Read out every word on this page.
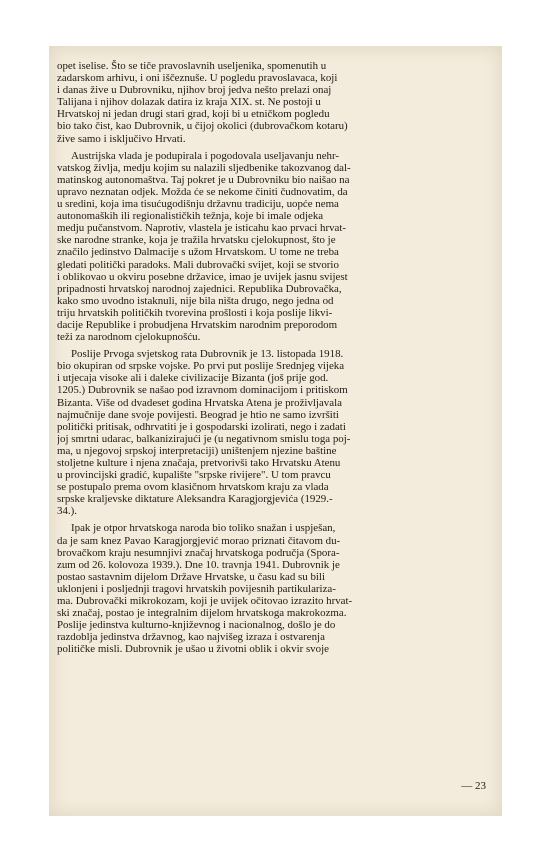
opet iselise. Što se tiče pravoslavnih useljenika, spomenutih u
zadarskom arhivu, i oni iščeznuše. U pogledu pravoslavaca, koji
i danas žive u Dubrovniku, njihov broj jedva nešto prelazi onaj
Talijana i njihov dolazak datira iz kraja XIX. st. Ne postoji u
Hrvatskoj ni jedan drugi stari grad, koji bi u etničkom pogledu
bio tako čist, kao Dubrovnik, u čijoj okolici (dubrovačkom kotaru)
žive samo i isključivo Hrvati.
Austrijska vlada je podupirala i pogodovala useljavanju nehr-
vatskog življa, medju kojim su nalazili sljedbenike takozvanog dal-
matinskog autonomaštva. Taj pokret je u Dubrovniku bio naišao na
upravo neznatan odjek. Možda će se nekome činiti čudnovatim, da
u sredini, koja ima tisućugodišnju državnu tradiciju, uopće nema
autonomaških ili regionalističkih težnja, koje bi imale odjeka
medju pučanstvom. Naprotiv, vlastela je isticahu kao prvaci hrvat-
ske narodne stranke, koja je tražila hrvatsku cjelokupnost, što je
značilo jedinstvo Dalmacije s užom Hrvatskom. U tome ne treba
gledati politički paradoks. Mali dubrovački svijet, koji se stvorio
i oblikovao u okviru posebne državice, imao je uvijek jasnu svijest
pripadnosti hrvatskoj narodnoj zajednici. Republika Dubrovačka,
kako smo uvodno istaknuli, nije bila ništa drugo, nego jedna od
triju hrvatskih političkih tvorevina prošlosti i koja poslije likvi-
dacije Republike i probudjena Hrvatskim narodnim preporodom
teži za narodnom cjelokupnošću.
Poslije Prvoga svjetskog rata Dubrovnik je 13. listopada 1918.
bio okupiran od srpske vojske. Po prvi put poslije Srednjeg vijeka
i utjecaja visoke ali i daleke civilizacije Bizanta (još prije god.
1205.) Dubrovnik se našao pod izravnom dominacijom i pritiskom
Bizanta. Više od dvadeset godina Hrvatska Atena je proživljavala
najmučnije dane svoje povijesti. Beograd je htio ne samo izvršiti
politički pritisak, odhrvatiti je i gospodarski izolirati, nego i zadati
joj smrtni udarac, balkanizirajući je (u negativnom smislu toga poj-
ma, u njegovoj srpskoj interpretaciji) uništenjem njezine baštine
stoljetne kulture i njena značaja, pretvorivši tako Hrvatsku Atenu
u provincijski gradić, kupalište "srpske rivijere". U tom pravcu
se postupalo prema ovom klasičnom hrvatskom kraju za vlada
srpske kraljevske diktature Aleksandra Karagjorgjevića (1929.-
34.).
Ipak je otpor hrvatskoga naroda bio toliko snažan i uspješan,
da je sam knez Pavao Karagjorgjević morao priznati čitavom du-
brovačkom kraju nesumnjivi značaj hrvatskoga područja (Spora-
zum od 26. kolovoza 1939.). Dne 10. travnja 1941. Dubrovnik je
postao sastavnim dijelom Države Hrvatske, u času kad su bili
uklonjeni i posljednji tragovi hrvatskih povijesnih partikulariza-
ma. Dubrovački mikrokozam, koji je uvijek očitovao izrazito hrvat-
ski značaj, postao je integralnim dijelom hrvatskoga makrokozma.
Poslije jedinstva kulturno-književnog i nacionalnog, došlo je do
razdoblja jedinstva državnog, kao najvišeg izraza i ostvarenja
političke misli. Dubrovnik je ušao u životni oblik i okvir svoje
— 23
